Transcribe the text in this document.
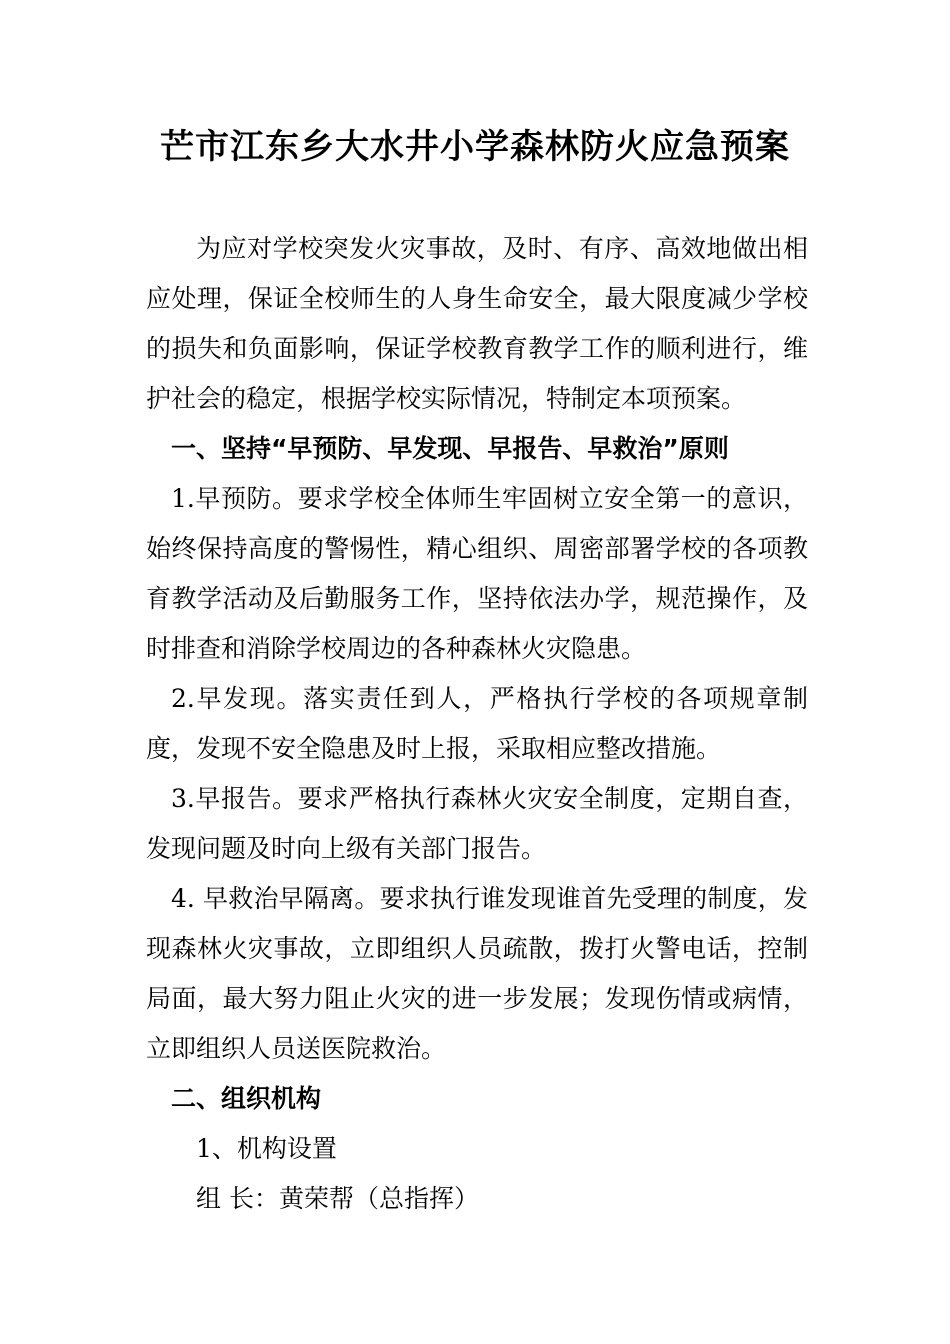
芒市江东乡大水井小学森林防火应急预案

为应对学校突发火灾事故，及时、有序、高效地做出相应处理，保证全校师生的人身生命安全，最大限度减少学校的损失和负面影响，保证学校教育教学工作的顺利进行，维护社会的稳定，根据学校实际情况，特制定本项预案。

一、坚持“早预防、早发现、早报告、早救治”原则

1.早预防。要求学校全体师生牢固树立安全第一的意识，始终保持高度的警惕性，精心组织、周密部署学校的各项教育教学活动及后勤服务工作，坚持依法办学，规范操作，及时排查和消除学校周边的各种森林火灾隐患。

2.早发现。落实责任到人，严格执行学校的各项规章制度，发现不安全隐患及时上报，采取相应整改措施。

3.早报告。要求严格执行森林火灾安全制度，定期自查，发现问题及时向上级有关部门报告。

4. 早救治早隔离。要求执行谁发现谁首先受理的制度，发现森林火灾事故，立即组织人员疏散，拨打火警电话，控制局面，最大努力阻止火灾的进一步发展；发现伤情或病情，立即组织人员送医院救治。

二、组织机构

1、机构设置

组 长：黄荣帮（总指挥）
